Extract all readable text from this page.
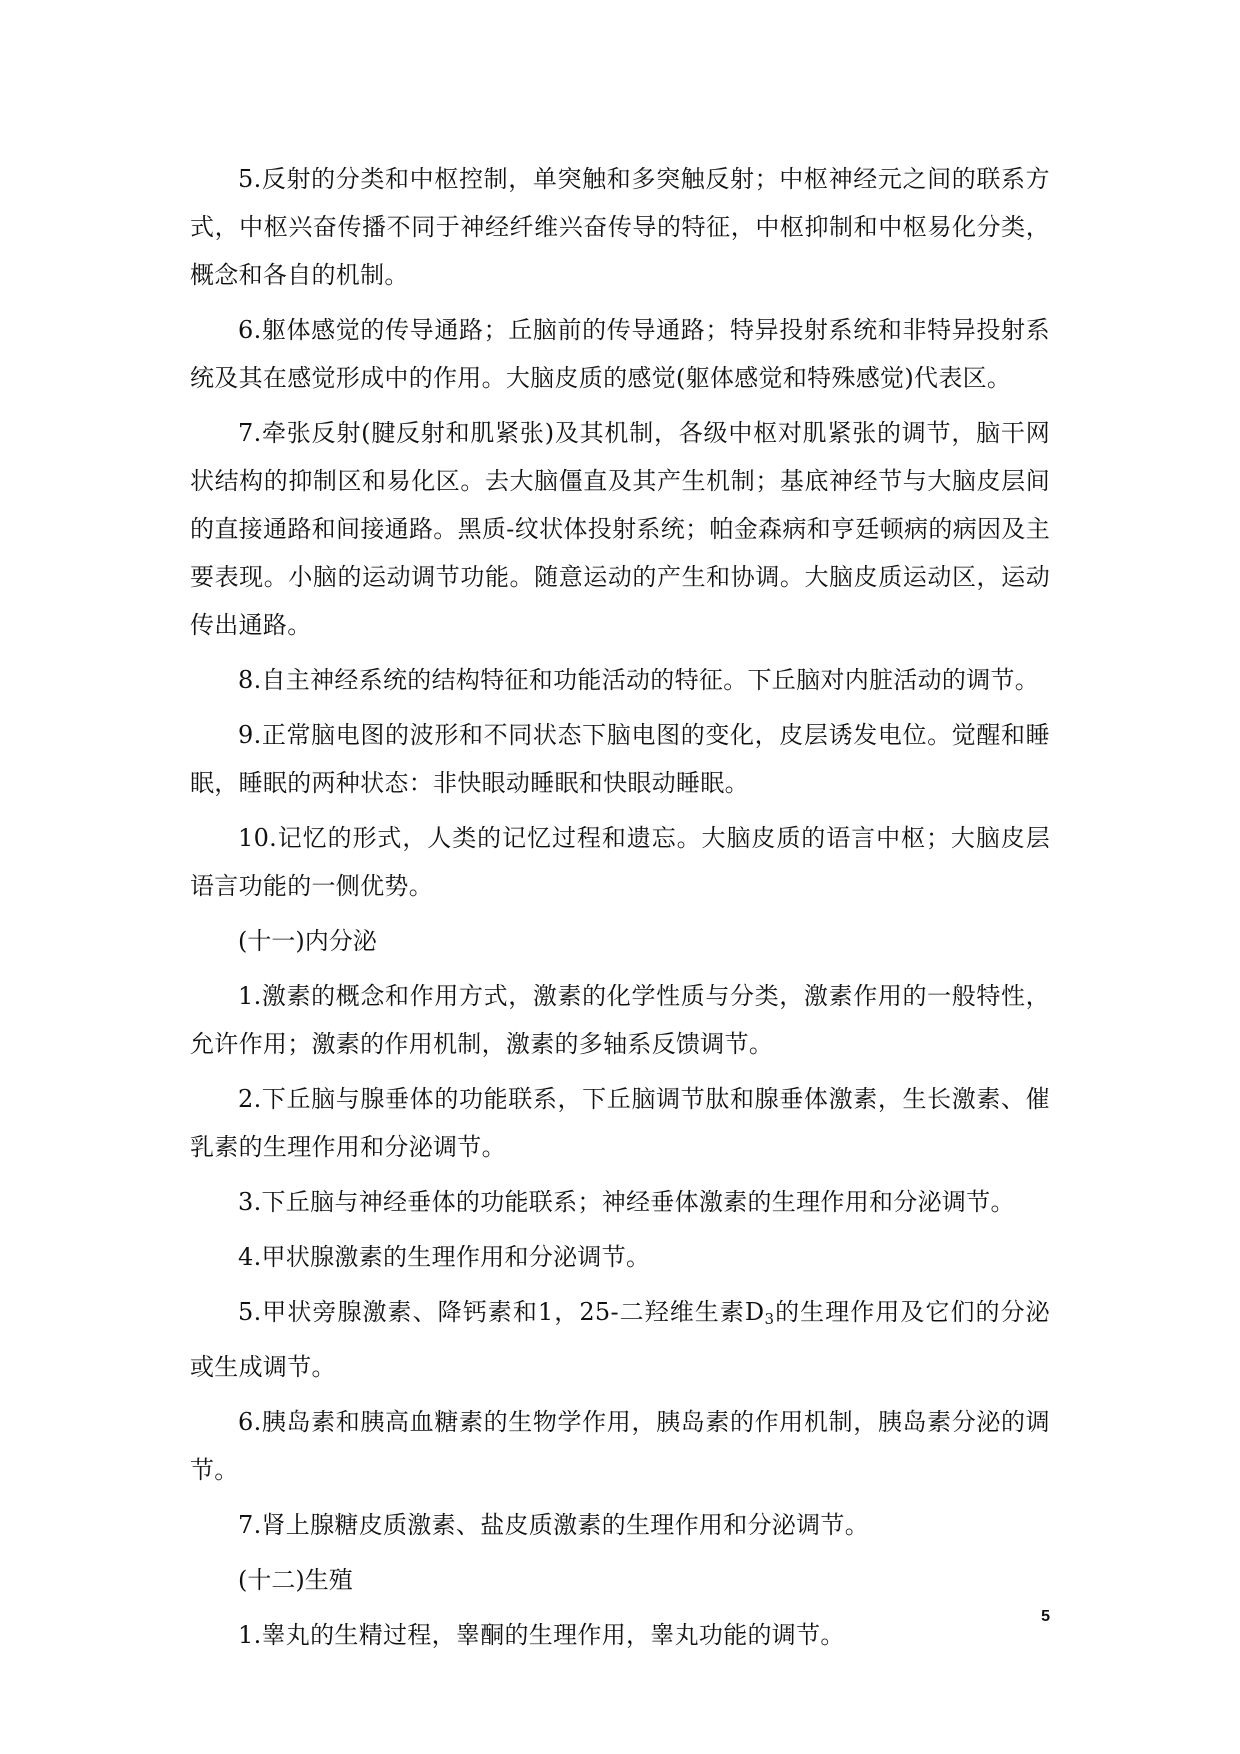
5.反射的分类和中枢控制，单突触和多突触反射；中枢神经元之间的联系方式，中枢兴奋传播不同于神经纤维兴奋传导的特征，中枢抑制和中枢易化分类，概念和各自的机制。

6.躯体感觉的传导通路；丘脑前的传导通路；特异投射系统和非特异投射系统及其在感觉形成中的作用。大脑皮质的感觉(躯体感觉和特殊感觉)代表区。

7.牵张反射(腱反射和肌紧张)及其机制，各级中枢对肌紧张的调节，脑干网状结构的抑制区和易化区。去大脑僵直及其产生机制；基底神经节与大脑皮层间的直接通路和间接通路。黑质-纹状体投射系统；帕金森病和亨廷顿病的病因及主要表现。小脑的运动调节功能。随意运动的产生和协调。大脑皮质运动区，运动传出通路。

8.自主神经系统的结构特征和功能活动的特征。下丘脑对内脏活动的调节。

9.正常脑电图的波形和不同状态下脑电图的变化，皮层诱发电位。觉醒和睡眠，睡眠的两种状态：非快眼动睡眠和快眼动睡眠。

10.记忆的形式，人类的记忆过程和遗忘。大脑皮质的语言中枢；大脑皮层语言功能的一侧优势。

(十一)内分泌

1.激素的概念和作用方式，激素的化学性质与分类，激素作用的一般特性，允许作用；激素的作用机制，激素的多轴系反馈调节。

2.下丘脑与腺垂体的功能联系，下丘脑调节肽和腺垂体激素，生长激素、催乳素的生理作用和分泌调节。

3.下丘脑与神经垂体的功能联系；神经垂体激素的生理作用和分泌调节。

4.甲状腺激素的生理作用和分泌调节。

5.甲状旁腺激素、降钙素和1，25-二羟维生素$D_3$的生理作用及它们的分泌或生成调节。

6.胰岛素和胰高血糖素的生物学作用，胰岛素的作用机制，胰岛素分泌的调节。

7.肾上腺糖皮质激素、盐皮质激素的生理作用和分泌调节。

(十二)生殖

1.睾丸的生精过程，睾酮的生理作用，睾丸功能的调节。

5
